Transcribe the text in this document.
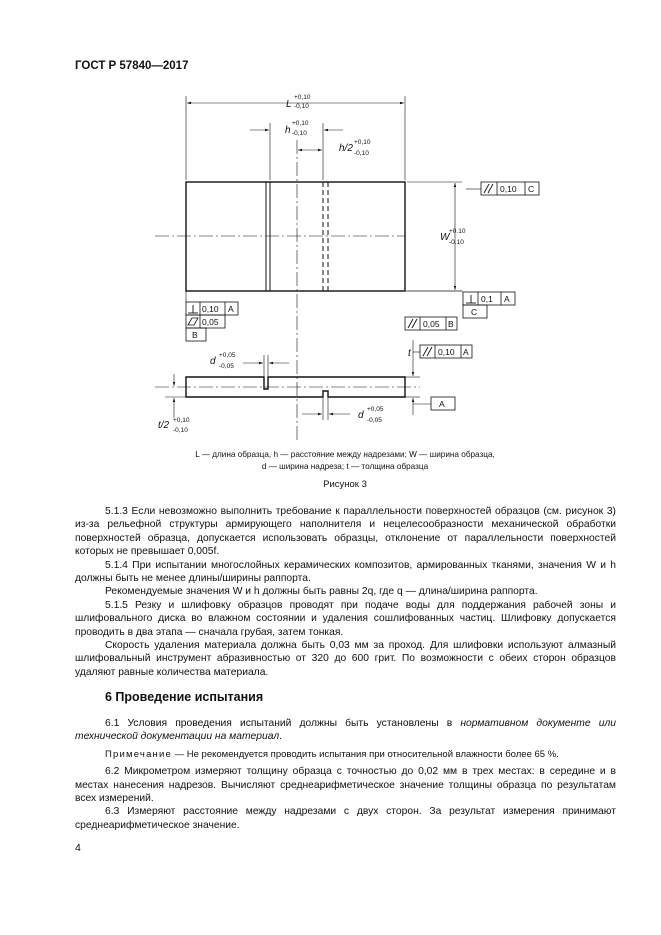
ГОСТ Р 57840—2017
L
+0,10
-0,10
h
+0,10
-0,10
h/2
+0,10
-0,10
W
+0.10
-0.10
0,10 C
0,10 A
0,05
B
0,1 A
C
0,05 B
d
+0,05
-0,05
d
+0,05
-0,05
t	0,10 A
A
t/2 +0,10
-0,10
L — длина образца, h — расстояние между надрезами; W — ширина образца,
d — ширина надреза; t — толщина образца
Рисунок 3

5.1.3 Если невозможно выполнить требование к параллельности поверхностей образцов (см. рисунок 3) из-за рельефной структуры армирующего наполнителя и нецелесообразности механической обработки поверхностей образца, допускается использовать образцы, отклонение от параллельности поверхностей которых не превышает 0,005f.

5.1.4 При испытании многослойных керамических композитов, армированных тканями, значения W и h должны быть не менее длины/ширины раппорта.

Рекомендуемые значения W и h должны быть равны 2q, где q — длина/ширина раппорта.

5.1.5 Резку и шлифовку образцов проводят при подаче воды для поддержания рабочей зоны и шлифовального диска во влажном состоянии и удаления сошлифованных частиц. Шлифовку допускается проводить в два этапа — сначала грубая, затем тонкая.

Скорость удаления материала должна быть 0,03 мм за проход. Для шлифовки используют алмазный шлифовальный инструмент абразивностью от 320 до 600 грит. По возможности с обеих сторон образцов удаляют равные количества материала.

6 Проведение испытания

6.1 Условия проведения испытаний должны быть установлены в нормативном документе или технической документации на материал.

Примечание — Не рекомендуется проводить испытания при относительной влажности более 65 %.

6.2 Микрометром измеряют толщину образца с точностью до 0,02 мм в трех местах: в середине и в местах нанесения надрезов. Вычисляют среднеарифметическое значение толщины образца по результатам всех измерений.

6.3 Измеряют расстояние между надрезами с двух сторон. За результат измерения принимают среднеарифметическое значение.

4
